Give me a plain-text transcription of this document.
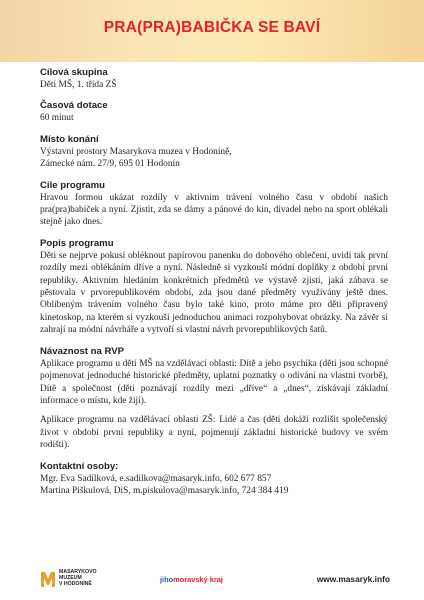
PRA(PRA)BABIČKA SE BAVÍ
Cílová skupina

Děti MŠ, 1. třída ZŠ

Časová dotace

60 minut

Místo konání

Výstavní prostory Masarykova muzea v Hodoníně,

Zámecké nám. 27/9, 695 01 Hodonín

Cíle programu

Hravou formou ukázat rozdíly v aktivním trávení volného času v období našich pra(pra)babiček a nyní. Zjistit, zda se dámy a pánové do kin, divadel nebo na sport oblékali stejně jako dnes.

Popis programu

Děti se nejprve pokusí obléknout papírovou panenku do dobového oblečení, uvidí tak první rozdíly mezi oblékáním dříve a nyní. Následně si vyzkouší módní doplňky z období první republiky. Aktivním hledáním konkrétních předmětů ve výstavě zjistí, jaká zábava se pěstovala v prvorepublikovém období, zda jsou dané předměty využívány ještě dnes. Oblíbeným trávením volného času bylo také kino, proto máme pro děti připravený kinetoskop, na kterém si vyzkouší jednoduchou animaci rozpohybovat obrázky. Na závěr si zahrají na módní návrháře a vytvoří si vlastní návrh prvorepublikových šatů.

Návaznost na RVP

Aplikace programu u dětí MŠ na vzdělávací oblasti: Dítě a jeho psychika (děti jsou schopné pojmenovat jednoduché historické předměty, uplatní poznatky o odívání na vlastní tvorbě), Dítě a společnost (děti poznávají rozdíly mezi „dříve“ a „dnes“, získávají základní informace o místu, kde žijí).

Aplikace programu na vzdělávací oblasti ZŠ: Lidé a čas (děti dokáží rozlišit společenský život v období první republiky a nyní, pojmenují základní historické budovy ve svém rodišti).

Kontaktní osoby:

Mgr. Eva Sadílková, e.sadilkova@masaryk.info, 602 677 857

Martina Piškulová, DiS, m.piskulova@masaryk.info, 724 384 419

MASARYKOVO
MUZEUM
V HODONÍNĚ
jihomoravský kraj	www.masaryk.info
